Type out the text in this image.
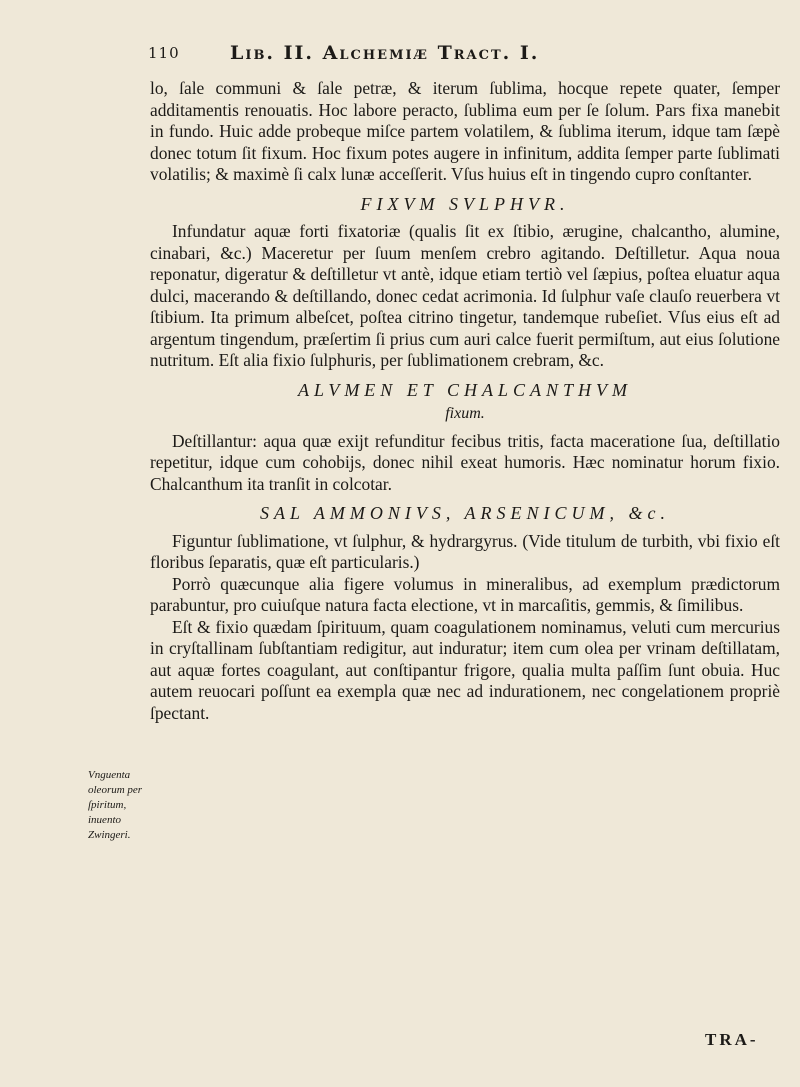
110	Lib. II. Alchemiæ Tract. I.

lo, ſale communi & ſale petræ, & iterum ſublima, hocque repete quater, ſemper additamentis renouatis. Hoc labore peracto, ſublima eum per ſe ſolum. Pars fixa manebit in fundo. Huic adde probeque miſce partem volatilem, & ſublima iterum, idque tam ſæpè donec totum ſit fixum. Hoc fixum potes augere in infinitum, addita ſemper parte ſublimati volatilis; & maximè ſi calx lunæ acceſſerit. Vſus huius eſt in tingendo cupro conſtanter.

FIXVM SVLPHVR.

Infundatur aquæ forti fixatoriæ (qualis ſit ex ſtibio, ærugine, chalcantho, alumine, cinabari, &c.) Maceretur per ſuum menſem crebro agitando. Deſtilletur. Aqua noua reponatur, digeratur & deſtilletur vt antè, idque etiam tertiò vel ſæpius, poſtea eluatur aqua dulci, macerando & deſtillando, donec cedat acrimonia. Id ſulphur vaſe clauſo reuerbera vt ſtibium. Ita primum albeſcet, poſtea citrino tingetur, tandemque rubeſiet. Vſus eius eſt ad argentum tingendum, præſertim ſi prius cum auri calce fuerit permiſtum, aut eius ſolutione nutritum. Eſt alia fixio ſulphuris, per ſublimationem crebram, &c.

ALVMEN ET CHALCANTHVM
fixum.

Deſtillantur: aqua quæ exijt refunditur fecibus tritis, facta maceratione ſua, deſtillatio repetitur, idque cum cohobijs, donec nihil exeat humoris. Hæc nominatur horum fixio. Chalcanthum ita tranſit in colcotar.

SAL AMMONIVS, ARSENICUM, &c.

Figuntur ſublimatione, vt ſulphur, & hydrargyrus. (Vide titulum de turbith, vbi fixio eſt floribus ſeparatis, quæ eſt particularis.)

Porrò quæcunque alia figere volumus in mineralibus, ad exemplum prædictorum parabuntur, pro cuiuſque natura facta electione, vt in marcaſitis, gemmis, & ſimilibus.

Eſt & fixio quædam ſpirituum, quam coagulationem nominamus, veluti cum mercurius in cryſtallinam ſubſtantiam redigitur, aut induratur; item cum olea per vrinam deſtillatam, aut aquæ fortes coagulant, aut conſtipantur frigore, qualia multa paſſim ſunt obuia. Huc autem reuocari poſſunt ea exempla quæ nec ad indurationem, nec congelationem propriè ſpectant.

Vnguenta oleorum per ſpiritum, inuento Zwingeri.
TRA-
